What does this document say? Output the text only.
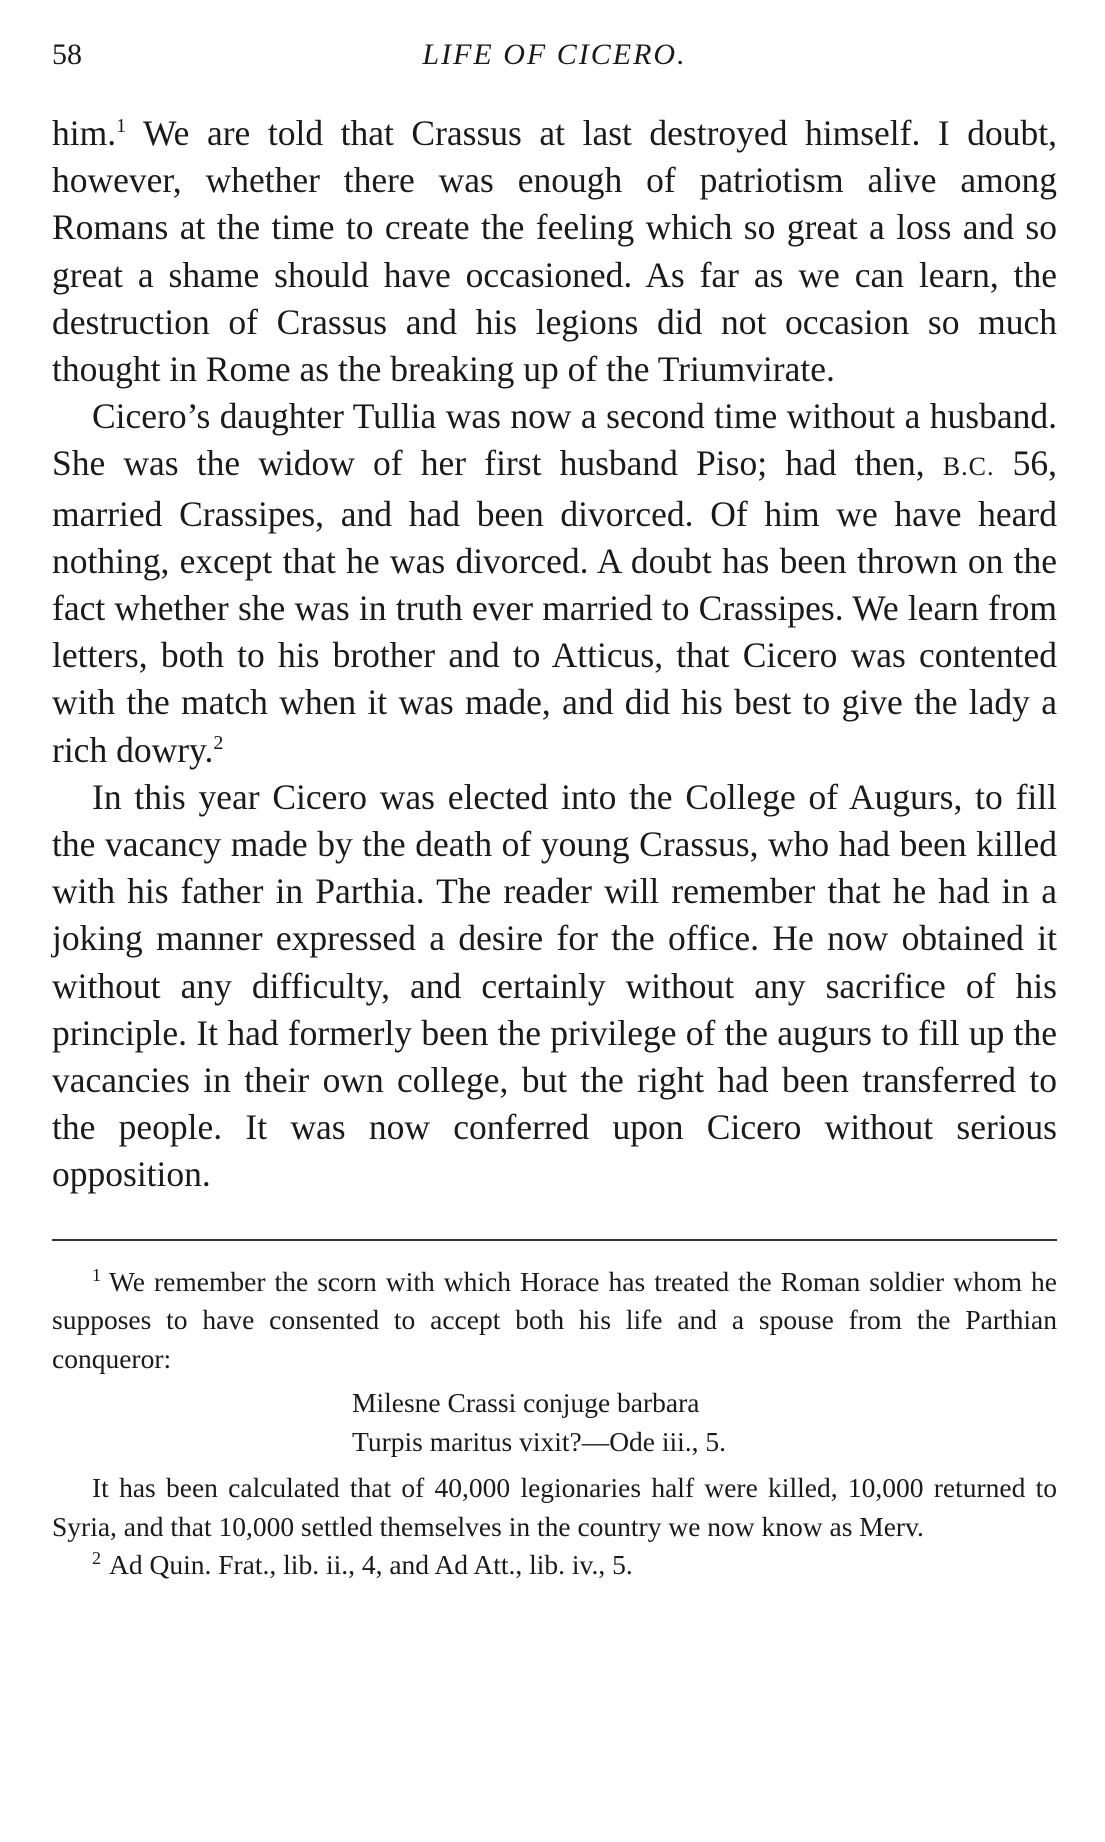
58	LIFE OF CICERO.

him.$^1$ We are told that Crassus at last destroyed himself. I doubt, however, whether there was enough of patriotism alive among Romans at the time to create the feeling which so great a loss and so great a shame should have occasioned. As far as we can learn, the destruction of Crassus and his legions did not occasion so much thought in Rome as the breaking up of the Triumvirate.

Cicero’s daughter Tullia was now a second time without a husband. She was the widow of her first husband Piso; had then, B.C. 56, married Crassipes, and had been divorced. Of him we have heard nothing, except that he was divorced. A doubt has been thrown on the fact whether she was in truth ever married to Crassipes. We learn from letters, both to his brother and to Atticus, that Cicero was contented with the match when it was made, and did his best to give the lady a rich dowry.$^2$

In this year Cicero was elected into the College of Augurs, to fill the vacancy made by the death of young Crassus, who had been killed with his father in Parthia. The reader will remember that he had in a joking manner expressed a desire for the office. He now obtained it without any difficulty, and certainly without any sacrifice of his principle. It had formerly been the privilege of the augurs to fill up the vacancies in their own college, but the right had been transferred to the people. It was now conferred upon Cicero without serious opposition.

$^1$ We remember the scorn with which Horace has treated the Roman soldier whom he supposes to have consented to accept both his life and a spouse from the Parthian conqueror:

Milesne Crassi conjuge barbara
Turpis maritus vixit?—Ode iii., 5.

It has been calculated that of 40,000 legionaries half were killed, 10,000 returned to Syria, and that 10,000 settled themselves in the country we now know as Merv.

$^2$ Ad Quin. Frat., lib. ii., 4, and Ad Att., lib. iv., 5.
